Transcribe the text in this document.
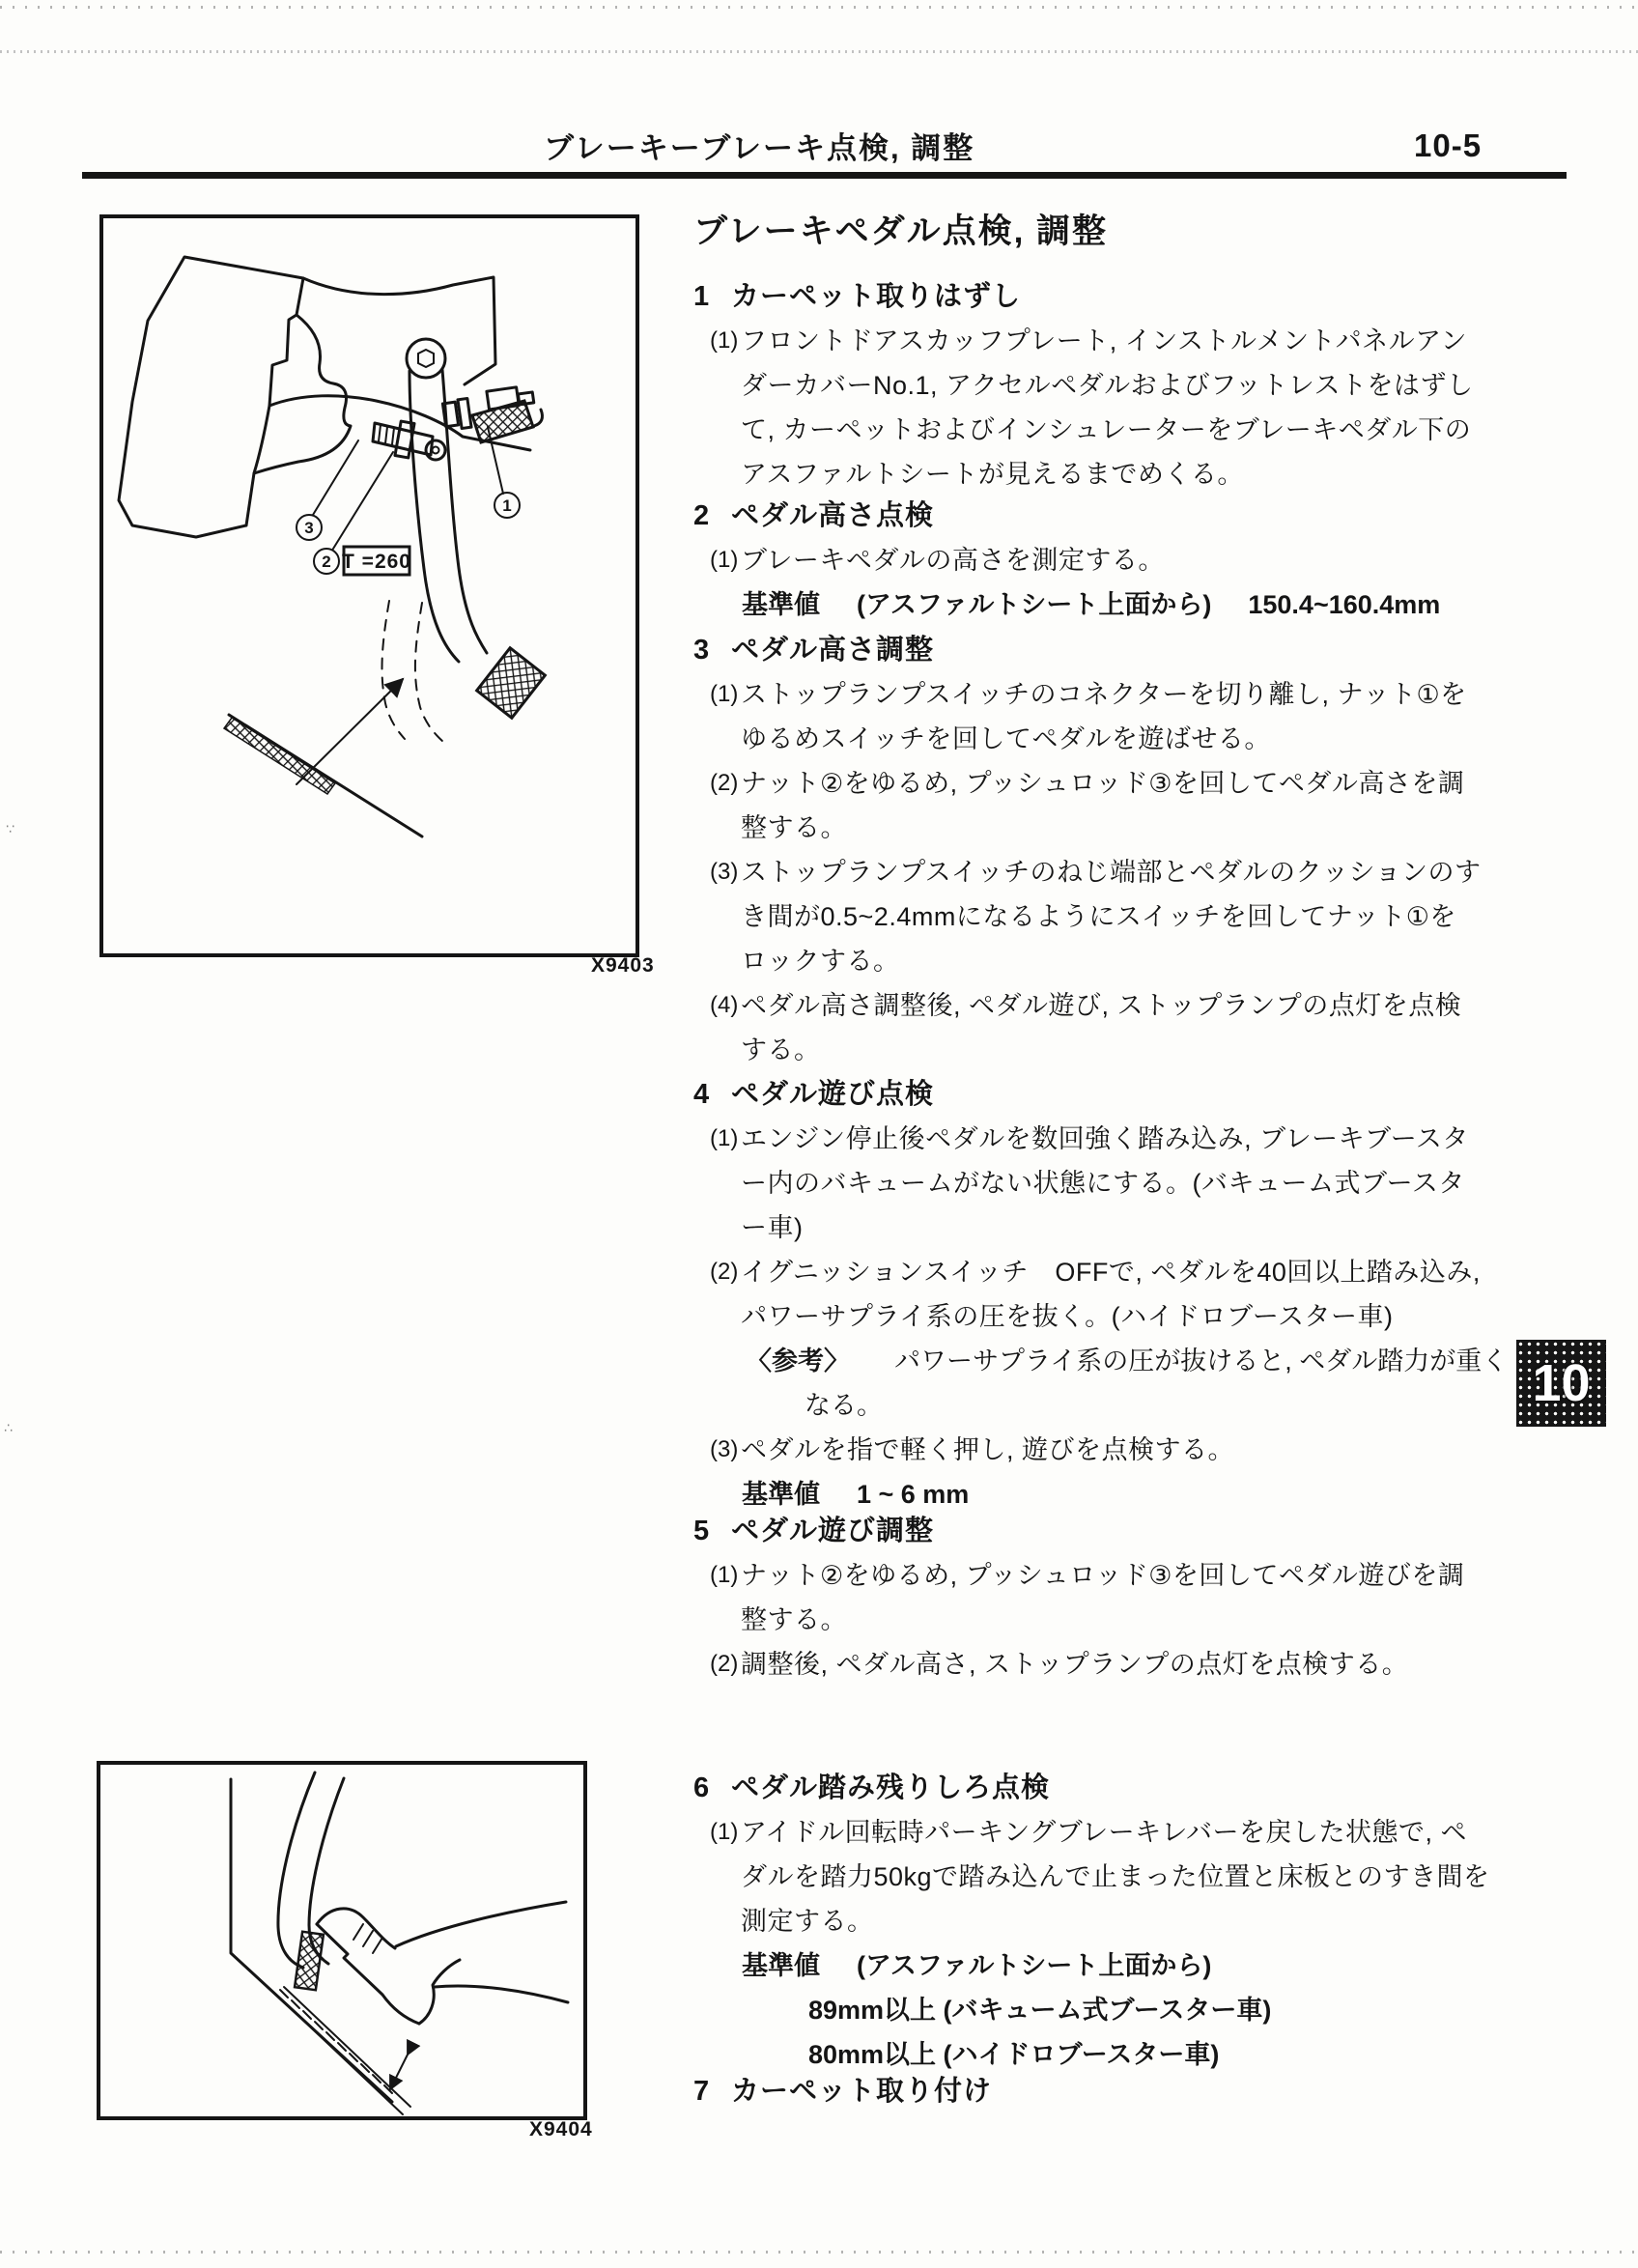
∵
∴
ブレーキーブレーキ点検, 調整	10-5
1
3
2 T =260
X9403
X9404
10
ブレーキペダル点検, 調整
1 カーペット取りはずし
(1) フロントドアスカッフプレート, インストルメントパネルアン
ダーカバーNo.1, アクセルペダルおよびフットレストをはずし
て, カーペットおよびインシュレーターをブレーキペダル下の
アスファルトシートが見えるまでめくる。
2 ペダル高さ点検
(1) ブレーキペダルの高さを測定する。
基準値 (アスファルトシート上面から) 150.4~160.4mm
3 ペダル高さ調整
(1) ストップランプスイッチのコネクターを切り離し, ナット①を
ゆるめスイッチを回してペダルを遊ばせる。
(2) ナット②をゆるめ, プッシュロッド③を回してペダル高さを調
整する。
(3) ストップランプスイッチのねじ端部とペダルのクッションのす
き間が0.5~2.4mmになるようにスイッチを回してナット①を
ロックする。
(4) ペダル高さ調整後, ペダル遊び, ストップランプの点灯を点検
する。
4 ペダル遊び点検
(1) エンジン停止後ペダルを数回強く踏み込み, ブレーキブースタ
ー内のバキュームがない状態にする。(バキューム式ブースタ
ー車)
(2) イグニッションスイッチ　OFFで, ペダルを40回以上踏み込み,
パワーサプライ系の圧を抜く。(ハイドロブースター車)
〈参考〉 パワーサプライ系の圧が抜けると, ペダル踏力が重く
なる。
(3) ペダルを指で軽く押し, 遊びを点検する。
基準値 1 ~ 6 mm
5 ペダル遊び調整
(1) ナット②をゆるめ, プッシュロッド③を回してペダル遊びを調
整する。
(2) 調整後, ペダル高さ, ストップランプの点灯を点検する。
6 ペダル踏み残りしろ点検
(1) アイドル回転時パーキングブレーキレバーを戻した状態で, ペ
ダルを踏力50kgで踏み込んで止まった位置と床板とのすき間を
測定する。
基準値 (アスファルトシート上面から)
89mm以上 (バキューム式ブースター車)
80mm以上 (ハイドロブースター車)
7 カーペット取り付け
